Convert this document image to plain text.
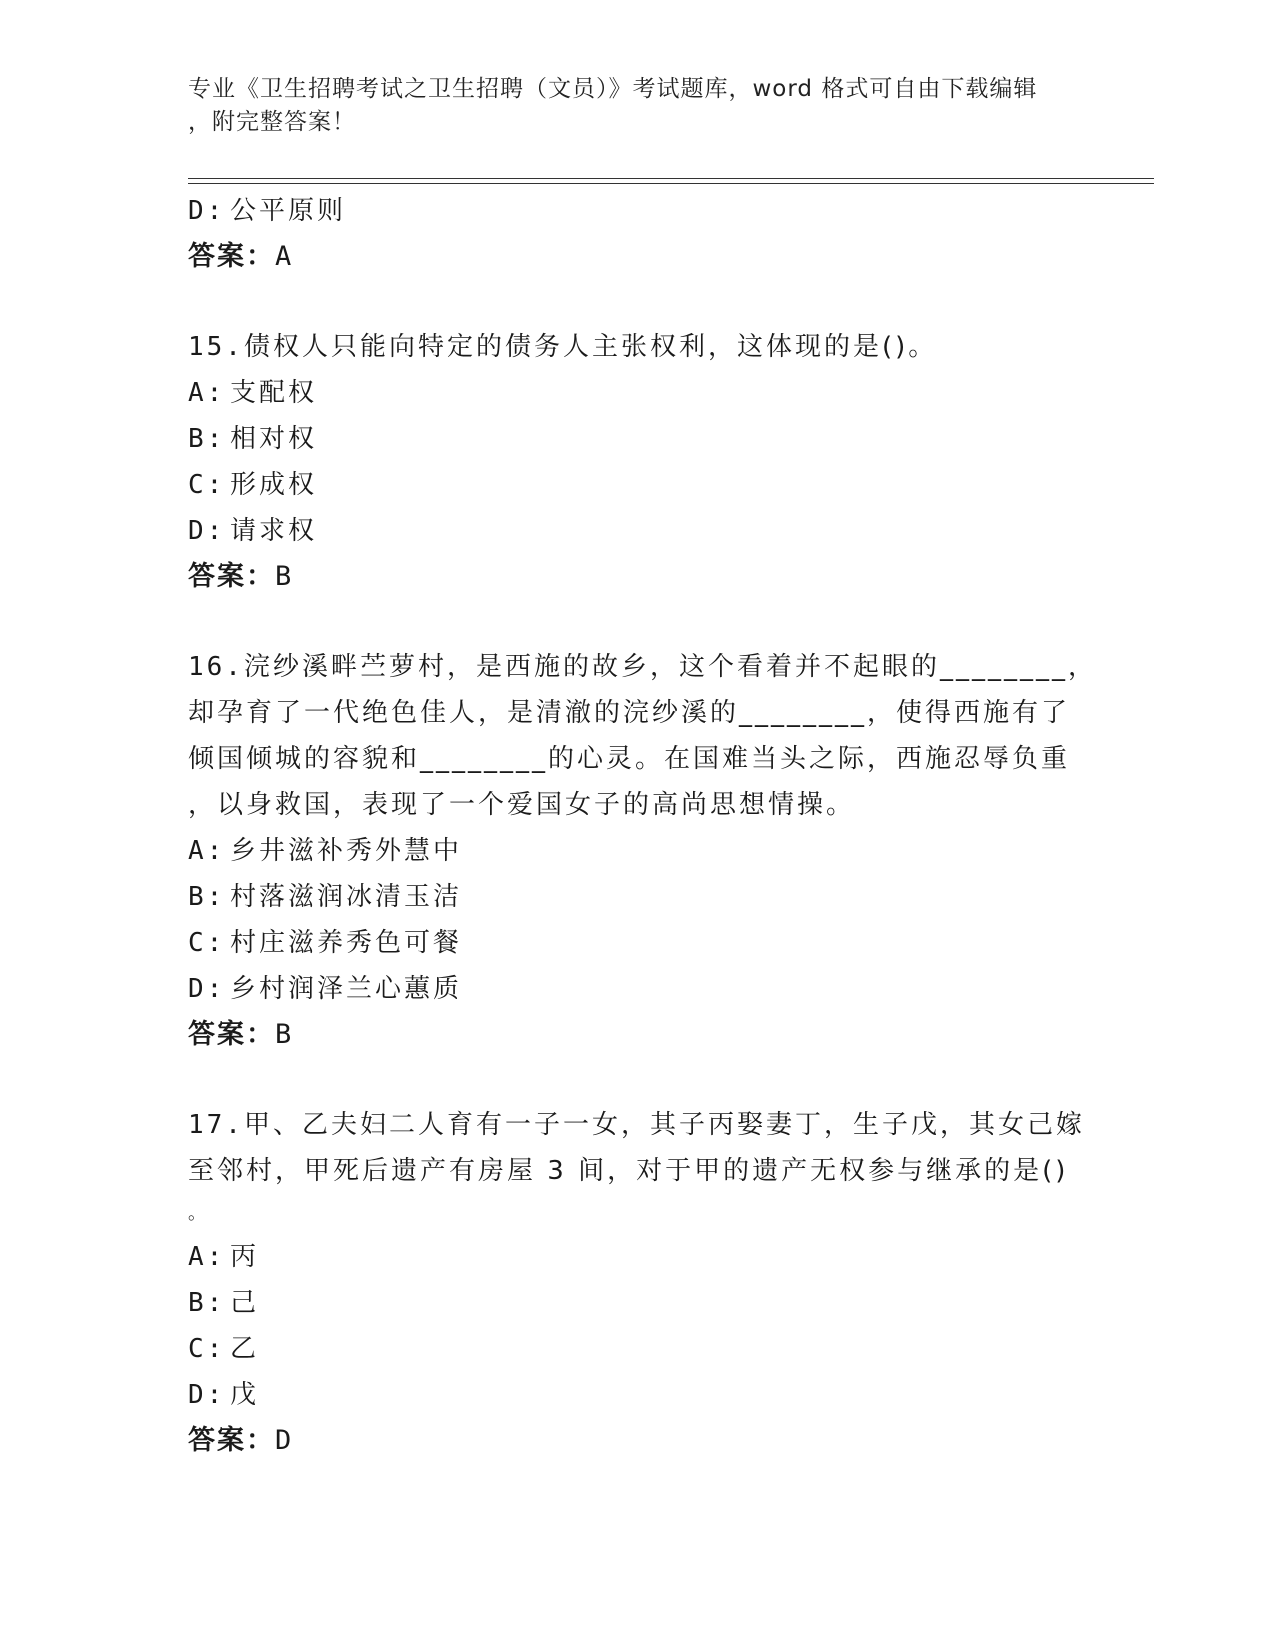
专业《卫生招聘考试之卫生招聘（文员）》考试题库，word 格式可自由下载编辑
，附完整答案！
D: 公平原则
答案：A
15.债权人只能向特定的债务人主张权利，这体现的是()。
A: 支配权
B: 相对权
C: 形成权
D: 请求权
答案：B
16.浣纱溪畔苎萝村，是西施的故乡，这个看着并不起眼的________，
却孕育了一代绝色佳人，是清澈的浣纱溪的________，使得西施有了
倾国倾城的容貌和________的心灵。在国难当头之际，西施忍辱负重
，以身救国，表现了一个爱国女子的高尚思想情操。
A: 乡井滋补秀外慧中
B: 村落滋润冰清玉洁
C: 村庄滋养秀色可餐
D: 乡村润泽兰心蕙质
答案：B
17.甲、乙夫妇二人育有一子一女，其子丙娶妻丁，生子戊，其女己嫁
至邻村，甲死后遗产有房屋 3 间，对于甲的遗产无权参与继承的是()
。
A: 丙
B: 己
C: 乙
D: 戊
答案：D
